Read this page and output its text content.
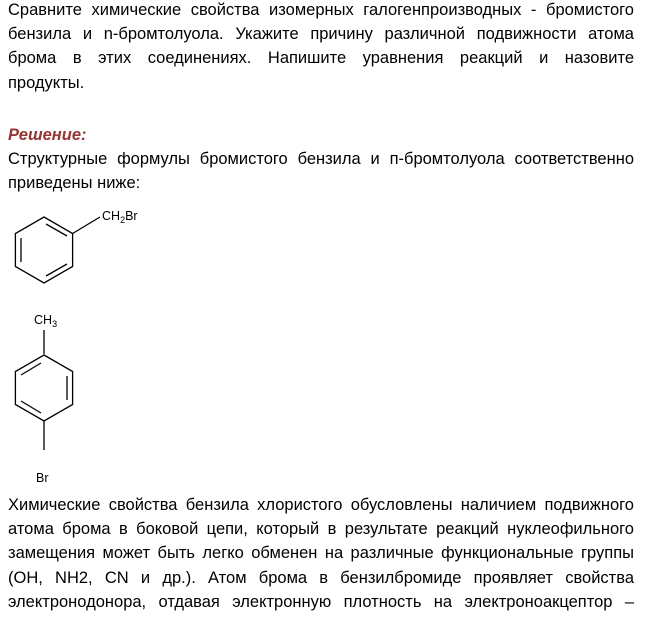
Сравните химические свойства изомерных галогенпроизводных - бромистого
бензила и n-бромтолуола. Укажите причину различной подвижности атома
брома в этих соединениях. Напишите уравнения реакций и назовите
продукты.

Решение:

Структурные формулы бромистого бензила и п-бромтолуола соответственно
приведены ниже:

$CH_2Br$
$CH_3$
Br

Химические свойства бензила хлористого обусловлены наличием подвижного
атома брома в боковой цепи, который в результате реакций нуклеофильного
замещения может быть легко обменен на различные функциональные группы
(OH, NH2, CN и др.). Атом брома в бензилбромиде проявляет свойства
электронодонора, отдавая электронную плотность на электроноакцептор –
